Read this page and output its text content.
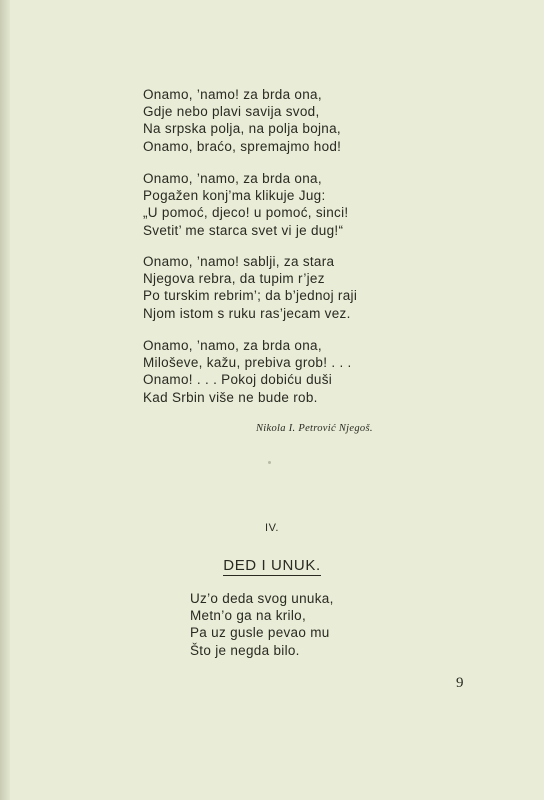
Onamo, ’namo! za brda ona,
Gdje nebo plavi savija svod,
Na srpska polja, na polja bojna,
Onamo, braćo, spremajmo hod!
Onamo, ’namo, za brda ona,
Pogažen konj’ma klikuje Jug:
„U pomoć, djeco! u pomoć, sinci!
Svetit’ me starca svet vi je dug!“
Onamo, ’namo! sablji, za stara
Njegova rebra, da tupim r’jez
Po turskim rebrim’; da b’jednoj raji
Njom istom s ruku ras’jecam vez.
Onamo, ’namo, za brda ona,
Miloševe, kažu, prebiva grob! . . .
Onamo! . . . Pokoj dobiću duši
Kad Srbin više ne bude rob.
Nikola I. Petrović Njegoš.
IV.
DED I UNUK.
Uz’o deda svog unuka,
Metn’o ga na krilo,
Pa uz gusle pevao mu
Što je negda bilo.
9
